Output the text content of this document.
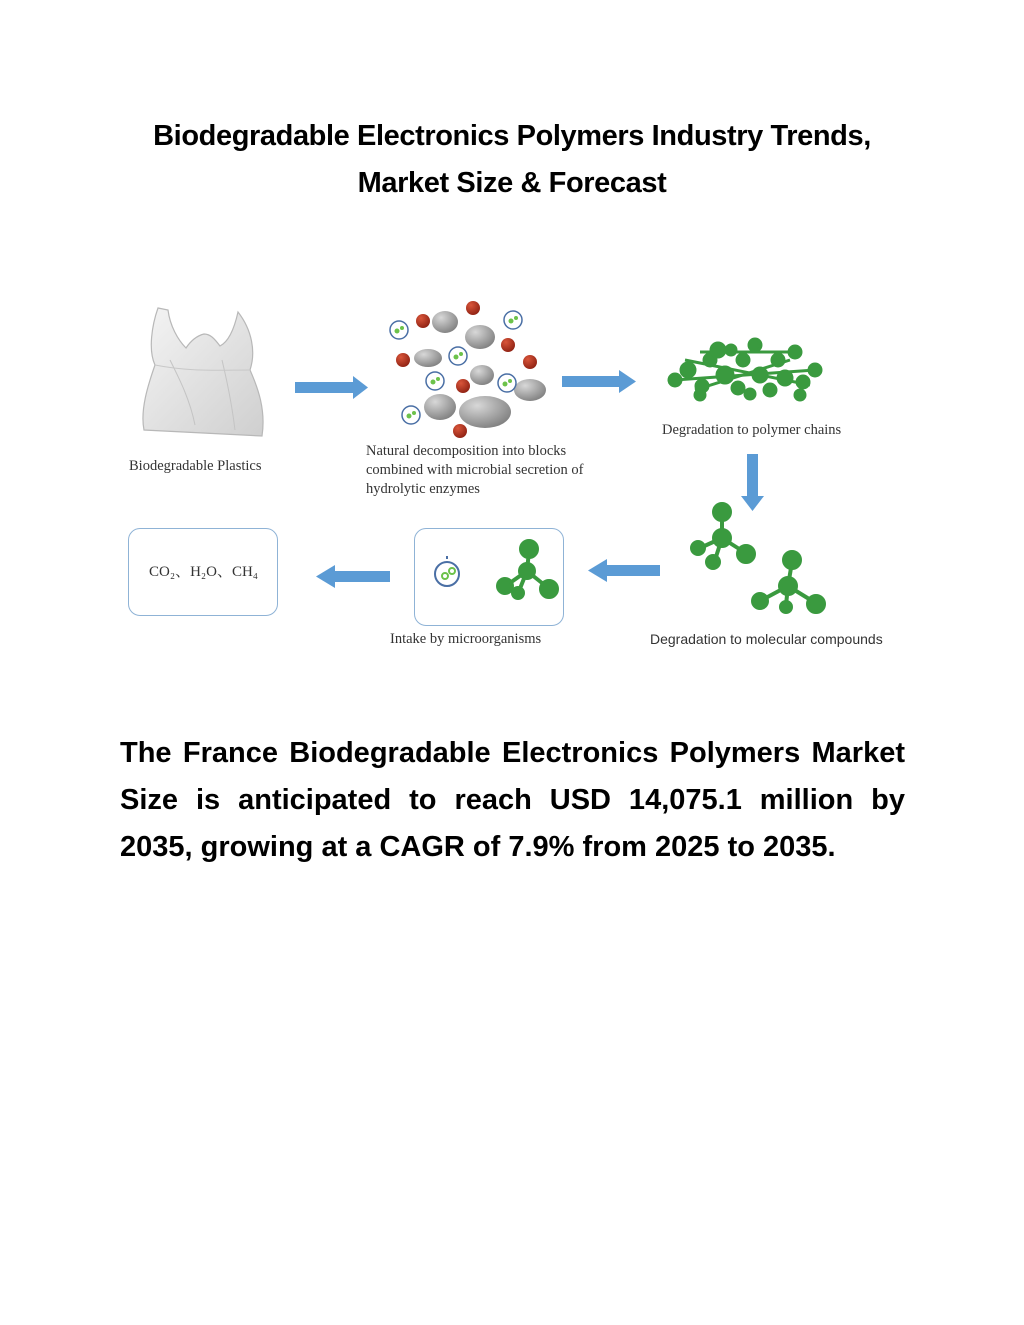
Biodegradable Electronics Polymers Industry Trends,
Market Size & Forecast
CO₂、H₂O、CH₄
Biodegradable Plastics
Natural decomposition into blocks
combined with microbial secretion of
hydrolytic enzymes
Degradation to polymer chains
Degradation to molecular compounds
Intake by microorganisms
The France Biodegradable Electronics Polymers Market Size is anticipated to reach USD 14,075.1 million by 2035, growing at a CAGR of 7.9% from 2025 to 2035.
